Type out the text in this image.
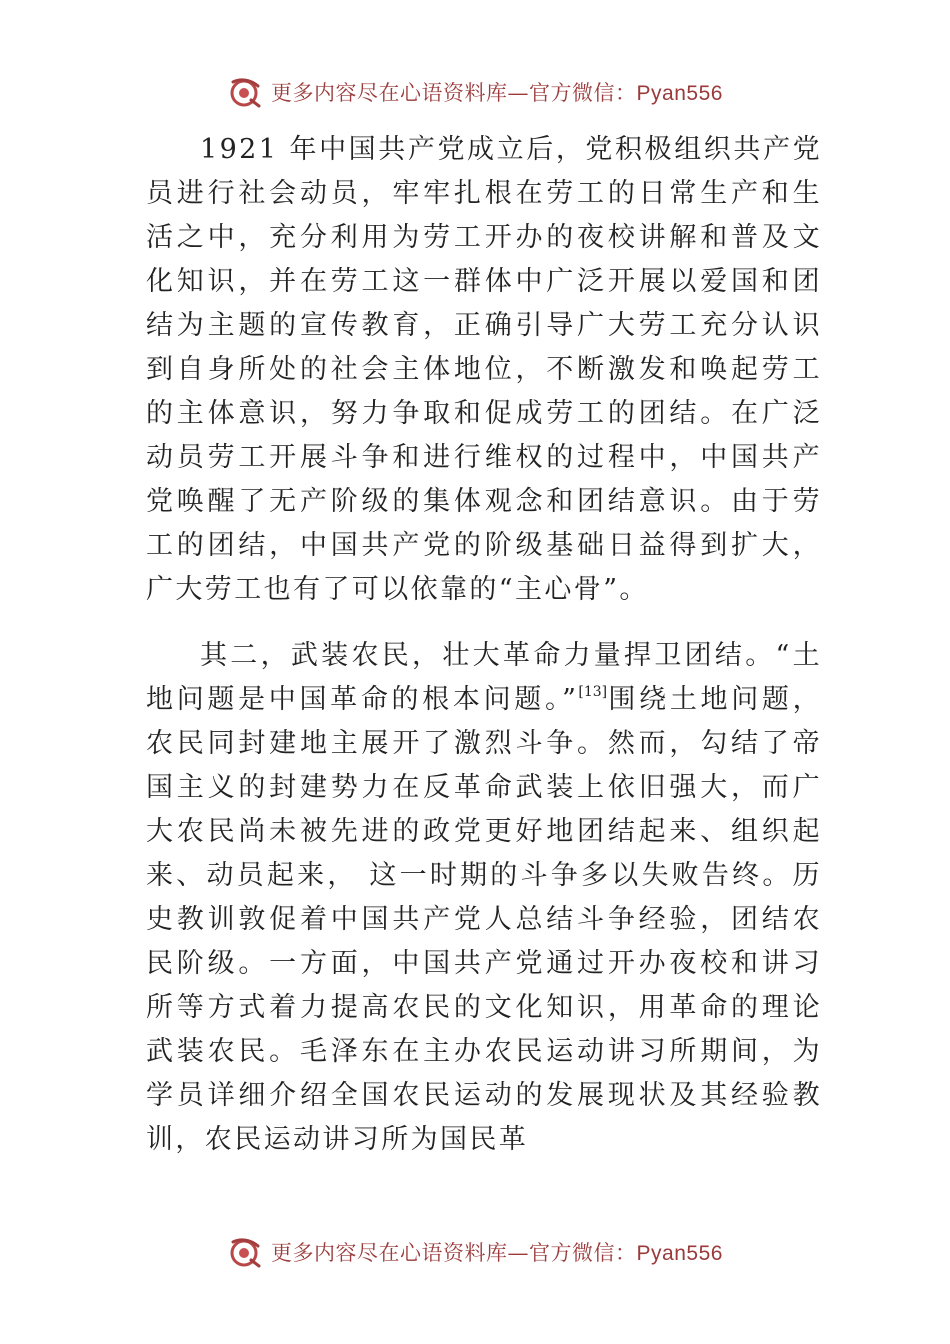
更多内容尽在心语资料库—官方微信：Pyan556

1921 年中国共产党成立后，党积极组织共产党员进行社会动员，牢牢扎根在劳工的日常生产和生活之中，充分利用为劳工开办的夜校讲解和普及文化知识，并在劳工这一群体中广泛开展以爱国和团结为主题的宣传教育，正确引导广大劳工充分认识到自身所处的社会主体地位，不断激发和唤起劳工的主体意识，努力争取和促成劳工的团结。在广泛动员劳工开展斗争和进行维权的过程中，中国共产党唤醒了无产阶级的集体观念和团结意识。由于劳工的团结，中国共产党的阶级基础日益得到扩大，广大劳工也有了可以依靠的“主心骨”。

其二，武装农民，壮大革命力量捍卫团结。“土地问题是中国革命的根本问题。”[13]围绕土地问题，农民同封建地主展开了激烈斗争。然而，勾结了帝国主义的封建势力在反革命武装上依旧强大，而广大农民尚未被先进的政党更好地团结起来、组织起来、动员起来， 这一时期的斗争多以失败告终。历史教训敦促着中国共产党人总结斗争经验，团结农民阶级。一方面，中国共产党通过开办夜校和讲习所等方式着力提高农民的文化知识，用革命的理论武装农民。毛泽东在主办农民运动讲习所期间，为学员详细介绍全国农民运动的发展现状及其经验教训，农民运动讲习所为国民革

更多内容尽在心语资料库—官方微信：Pyan556
